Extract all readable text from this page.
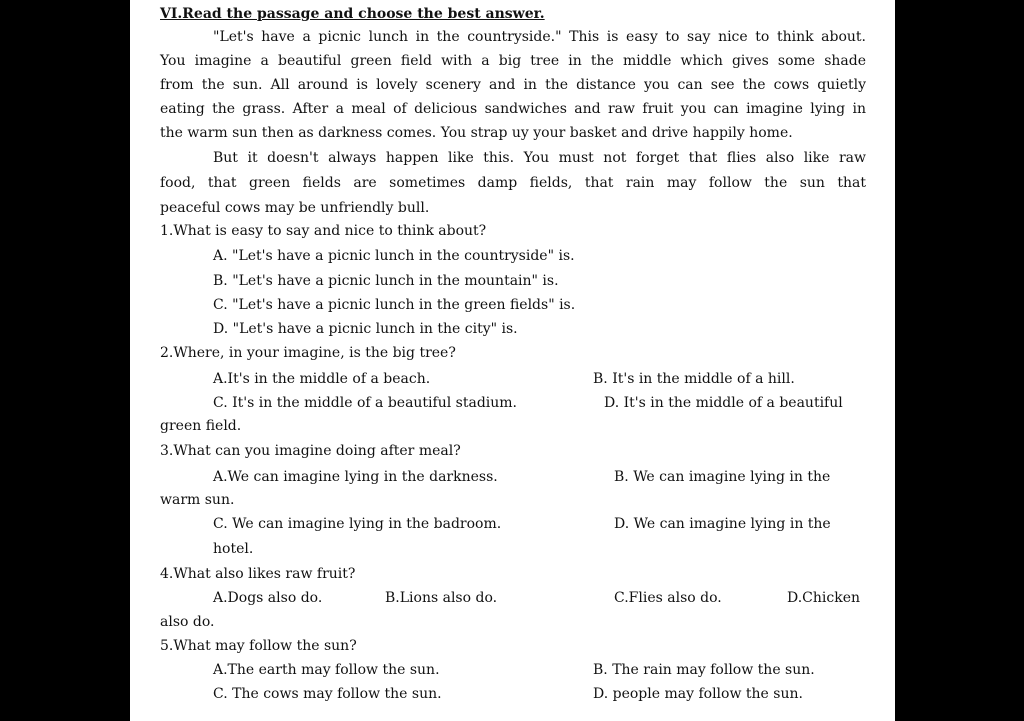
VI.Read the passage and choose the best answer.
"Let's have a picnic lunch in the countryside." This is easy to say nice to think about.
You imagine a beautiful green field with a big tree in the middle which gives some shade
from the sun. All around is lovely scenery and in the distance you can see the cows quietly
eating the grass. After a meal of delicious sandwiches and raw fruit you can imagine lying in
the warm sun then as darkness comes. You strap uy your basket and drive happily home.
But it doesn't always happen like this. You must not forget that flies also like raw
food, that green fields are sometimes damp fields, that rain may follow the sun that
peaceful cows may be unfriendly bull.
1.What is easy to say and nice to think about?
A. "Let's have a picnic lunch in the countryside" is.
B. "Let's have a picnic lunch in the mountain" is.
C. "Let's have a picnic lunch in the green fields" is.
D. "Let's have a picnic lunch in the city" is.
2.Where, in your imagine, is the big tree?
A.It's in the middle of a beach.	B. It's in the middle of a hill.
C. It's in the middle of a beautiful stadium.	D. It's in the middle of a beautiful
green field.
3.What can you imagine doing after meal?
A.We can imagine lying in the darkness.	B. We can imagine lying in the
warm sun.
C. We can imagine lying in the badroom.	D. We can imagine lying in the
hotel.
4.What also likes raw fruit?
A.Dogs also do.	B.Lions also do.	C.Flies also do.	D.Chicken
also do.
5.What may follow the sun?
A.The earth may follow the sun.	B. The rain may follow the sun.
C. The cows may follow the sun.	D. people may follow the sun.
